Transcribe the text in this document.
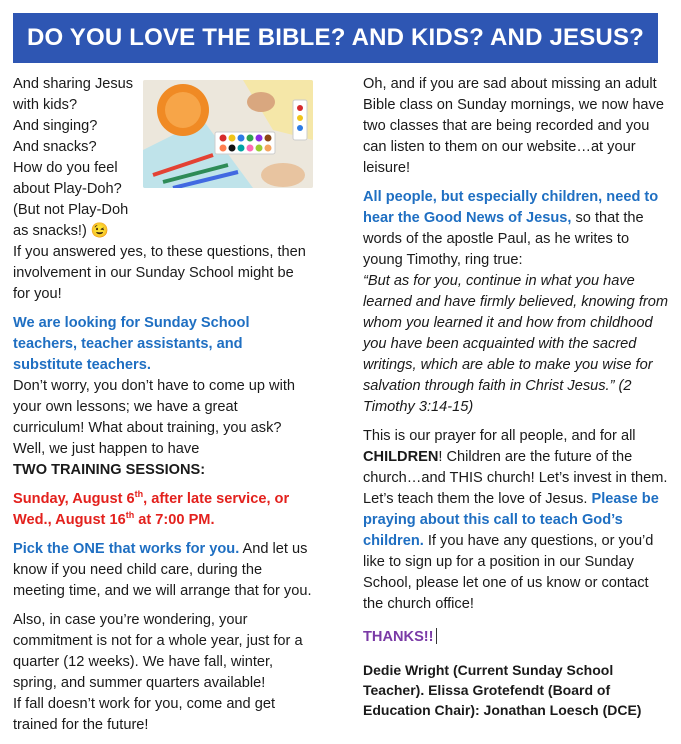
DO YOU LOVE THE BIBLE? AND KIDS? AND JESUS?

And sharing Jesus
with kids?
And singing?
And snacks?
How do you feel
about Play-Doh?
(But not Play-Doh
as snacks!) 😉
If you answered yes, to these questions, then involvement in our Sunday School might be for you!

We are looking for Sunday School teachers, teacher assistants, and substitute teachers.
Don’t worry, you don’t have to come up with your own lessons; we have a great curriculum! What about training, you ask? Well, we just happen to have
TWO TRAINING SESSIONS:

Sunday, August 6th, after late service, or
Wed., August 16th at 7:00 PM.

Pick the ONE that works for you. And let us know if you need child care, during the meeting time, and we will arrange that for you.

Also, in case you’re wondering, your commitment is not for a whole year, just for a quarter (12 weeks). We have fall, winter, spring, and summer quarters available!
If fall doesn’t work for you, come and get trained for the future!

Oh, and if you are sad about missing an adult Bible class on Sunday mornings, we now have two classes that are being recorded and you can listen to them on our website…at your leisure!

All people, but especially children, need to hear the Good News of Jesus, so that the words of the apostle Paul, as he writes to young Timothy, ring true:
“But as for you, continue in what you have learned and have firmly believed, knowing from whom you learned it and how from childhood you have been acquainted with the sacred writings, which are able to make you wise for salvation through faith in Christ Jesus.” (2 Timothy 3:14-15)

This is our prayer for all people, and for all CHILDREN! Children are the future of the church…and THIS church! Let’s invest in them. Let’s teach them the love of Jesus. Please be praying about this call to teach God’s children. If you have any questions, or you’d like to sign up for a position in our Sunday School, please let one of us know or contact the church office!

THANKS!!

Dedie Wright (Current Sunday School Teacher). Elissa Grotefendt (Board of Education Chair): Jonathan Loesch (DCE)
